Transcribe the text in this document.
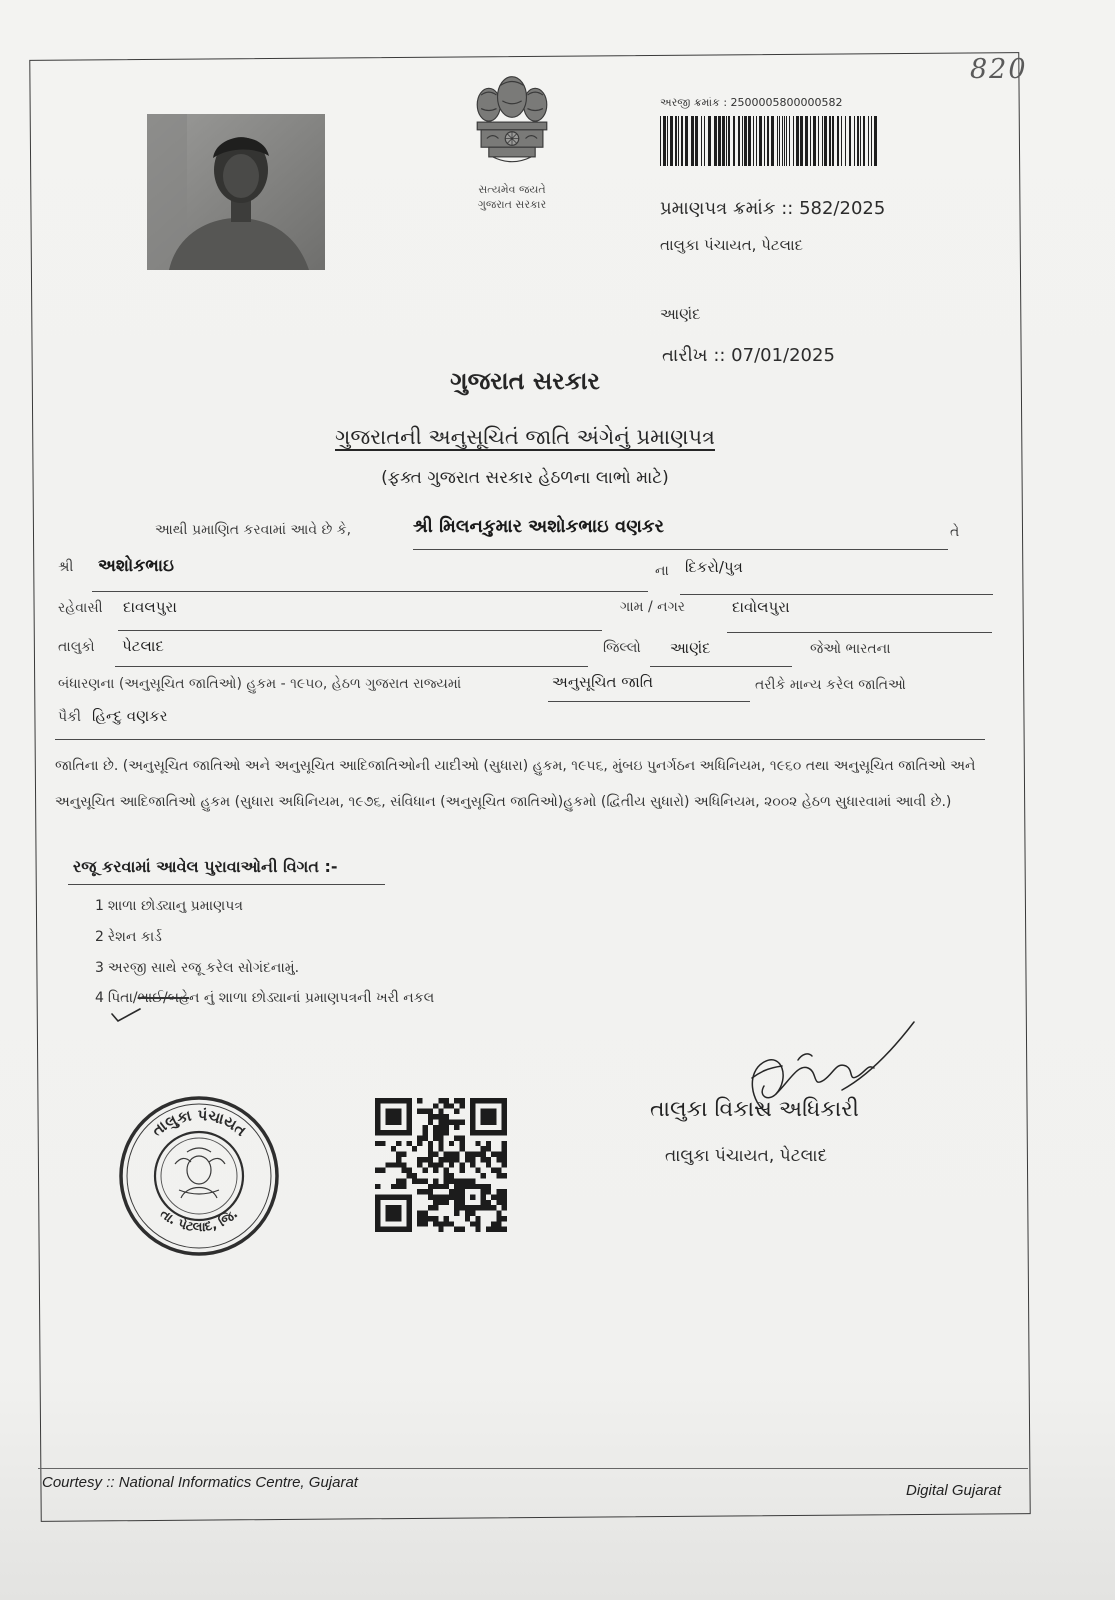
820
સત્યમેવ જયતે
ગુજરાત સરકાર
અરજી ક્રમાંક : 2500005800000582
પ્રમાણપત્ર ક્રમાંક :: 582/2025
તાલુકા પંચાયત, પેટલાદ
આણંદ
તારીખ :: 07/01/2025
ગુજરાત સરકાર
ગુજરાતની અનુસૂચિતં જાતિ અંગેનું પ્રમાણપત્ર
(ફક્ત ગુજરાત સરકાર હેઠળના લાભો માટે)
આથી પ્રમાણિત કરવામાં આવે છે કે,	શ્રી મિલનકુમાર અશોકભાઇ વણકર	તે
શ્રી અશોકભાઇ	ના દિકરો/પુત્ર
રહેવાસી દાવલપુરા	ગામ / નગર	દાવોલપુરા
તાલુકો પેટલાદ	જિલ્લો આણંદ	જેઓ ભારતના
બંધારણના (અનુસૂચિત જાતિઓ) હુકમ - ૧૯૫૦, હેઠળ ગુજરાત રાજ્યમાં	અનુસૂચિત જાતિ	તરીકે માન્ય કરેલ જાતિઓ
પૈકી હિન્દુ વણકર
જાતિના છે. (અનુસૂચિત જાતિઓ અને અનુસૂચિત આદિજાતિઓની યાદીઓ (સુધારા) હુકમ, ૧૯૫૬, મુંબઇ પુનર્ગઠન અધિનિયમ, ૧૯૬૦ તથા અનુસૂચિત જાતિઓ અને અનુસૂચિત આદિજાતિઓ હુકમ (સુધારા અધિનિયમ, ૧૯૭૬, સંવિધાન (અનુસૂચિત જાતિઓ)હુકમો (દ્વિતીય સુધારો) અધિનિયમ, ૨૦૦૨ હેઠળ સુધારવામાં આવી છે.)
રજૂ કરવામાં આવેલ પુરાવાઓની વિગત :-
1 શાળા છોડ્યાનુ પ્રમાણપત્ર
2 રેશન કાર્ડ
3 અરજી સાથે રજૂ કરેલ સોગંદનામું.
4 પિતા/ભાઈ/બહેન નું શાળા છોડ્યાનાં પ્રમાણપત્રની ખરી નકલ
તાલુકા પંચાયત
તા. પેટલાદ, જિ.
તાલુકા વિકાસ અધિકારી
તાલુકા પંચાયત, પેટલાદ
Courtesy :: National Informatics Centre, Gujarat	Digital Gujarat
